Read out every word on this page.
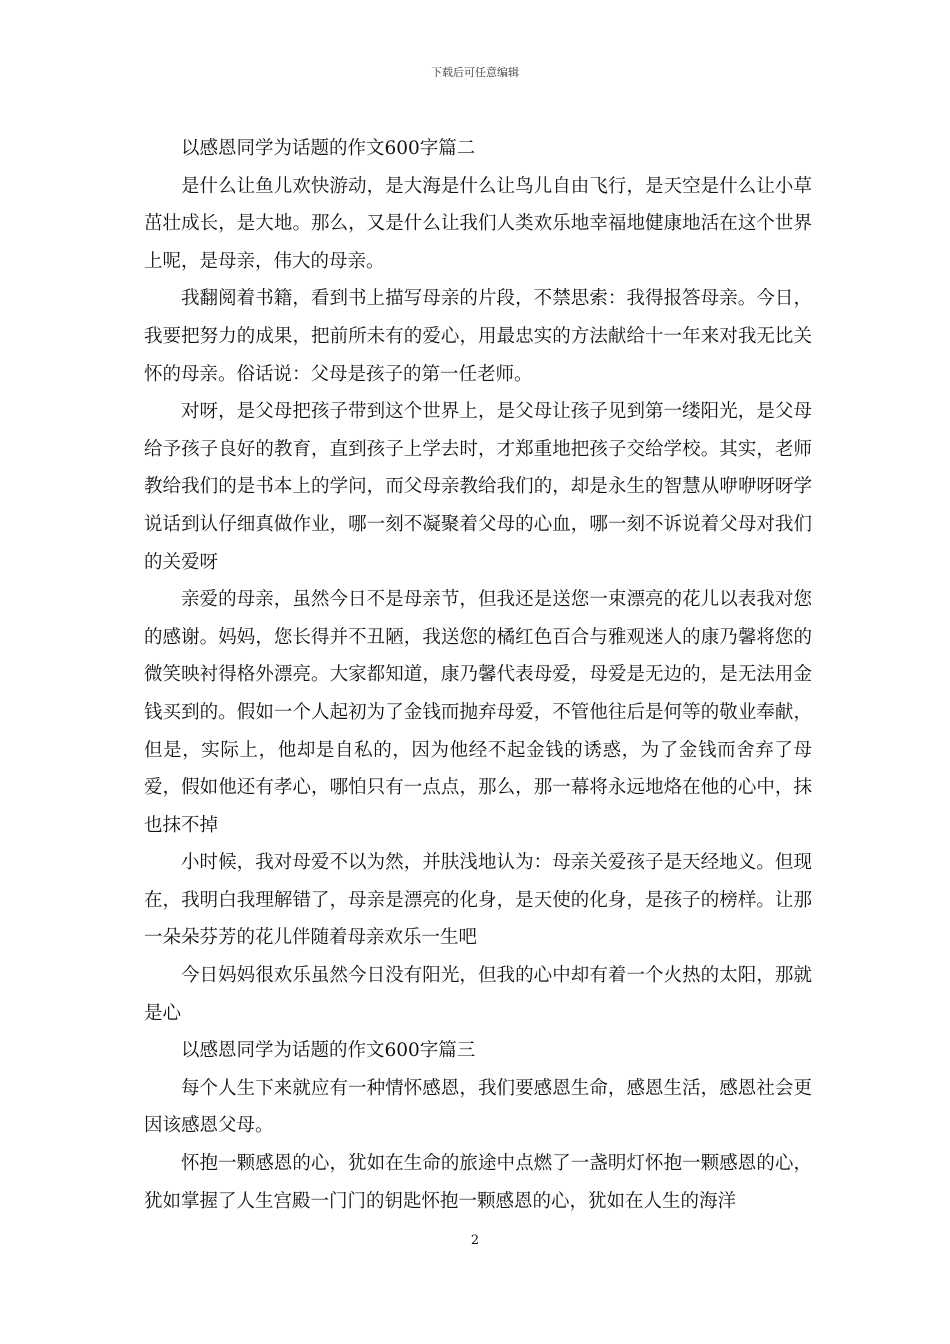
下载后可任意编辑

以感恩同学为话题的作文600字篇二

是什么让鱼儿欢快游动，是大海是什么让鸟儿自由飞行，是天空是什么让小草茁壮成长，是大地。那么，又是什么让我们人类欢乐地幸福地健康地活在这个世界上呢，是母亲，伟大的母亲。

我翻阅着书籍，看到书上描写母亲的片段，不禁思索：我得报答母亲。今日，我要把努力的成果，把前所未有的爱心，用最忠实的方法献给十一年来对我无比关怀的母亲。俗话说：父母是孩子的第一任老师。

对呀，是父母把孩子带到这个世界上，是父母让孩子见到第一缕阳光，是父母给予孩子良好的教育，直到孩子上学去时，才郑重地把孩子交给学校。其实，老师教给我们的是书本上的学问，而父母亲教给我们的，却是永生的智慧从咿咿呀呀学说话到认仔细真做作业，哪一刻不凝聚着父母的心血，哪一刻不诉说着父母对我们的关爱呀

亲爱的母亲，虽然今日不是母亲节，但我还是送您一束漂亮的花儿以表我对您的感谢。妈妈，您长得并不丑陋，我送您的橘红色百合与雅观迷人的康乃馨将您的微笑映衬得格外漂亮。大家都知道，康乃馨代表母爱，母爱是无边的，是无法用金钱买到的。假如一个人起初为了金钱而抛弃母爱，不管他往后是何等的敬业奉献，但是，实际上，他却是自私的，因为他经不起金钱的诱惑，为了金钱而舍弃了母爱，假如他还有孝心，哪怕只有一点点，那么，那一幕将永远地烙在他的心中，抹也抹不掉

小时候，我对母爱不以为然，并肤浅地认为：母亲关爱孩子是天经地义。但现在，我明白我理解错了，母亲是漂亮的化身，是天使的化身，是孩子的榜样。让那一朵朵芬芳的花儿伴随着母亲欢乐一生吧

今日妈妈很欢乐虽然今日没有阳光，但我的心中却有着一个火热的太阳，那就是心

以感恩同学为话题的作文600字篇三

每个人生下来就应有一种情怀感恩，我们要感恩生命，感恩生活，感恩社会更因该感恩父母。

怀抱一颗感恩的心，犹如在生命的旅途中点燃了一盏明灯怀抱一颗感恩的心，犹如掌握了人生宫殿一门门的钥匙怀抱一颗感恩的心，犹如在人生的海洋

2
